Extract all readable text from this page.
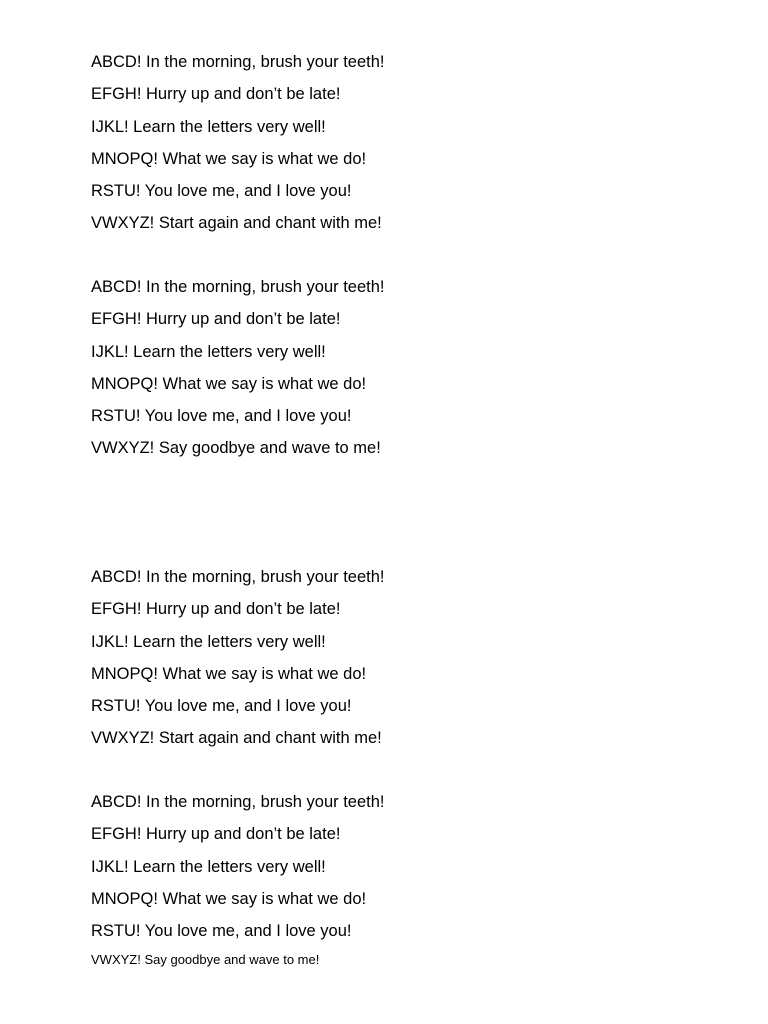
ABCD! In the morning, brush your teeth!
EFGH! Hurry up and don’t be late!
IJKL! Learn the letters very well!
MNOPQ! What we say is what we do!
RSTU! You love me, and I love you!
VWXYZ! Start again and chant with me!
ABCD! In the morning, brush your teeth!
EFGH! Hurry up and don’t be late!
IJKL! Learn the letters very well!
MNOPQ! What we say is what we do!
RSTU! You love me, and I love you!
VWXYZ! Say goodbye and wave to me!
ABCD! In the morning, brush your teeth!
EFGH! Hurry up and don’t be late!
IJKL! Learn the letters very well!
MNOPQ! What we say is what we do!
RSTU! You love me, and I love you!
VWXYZ! Start again and chant with me!
ABCD! In the morning, brush your teeth!
EFGH! Hurry up and don’t be late!
IJKL! Learn the letters very well!
MNOPQ! What we say is what we do!
RSTU! You love me, and I love you!
VWXYZ! Say goodbye and wave to me!
